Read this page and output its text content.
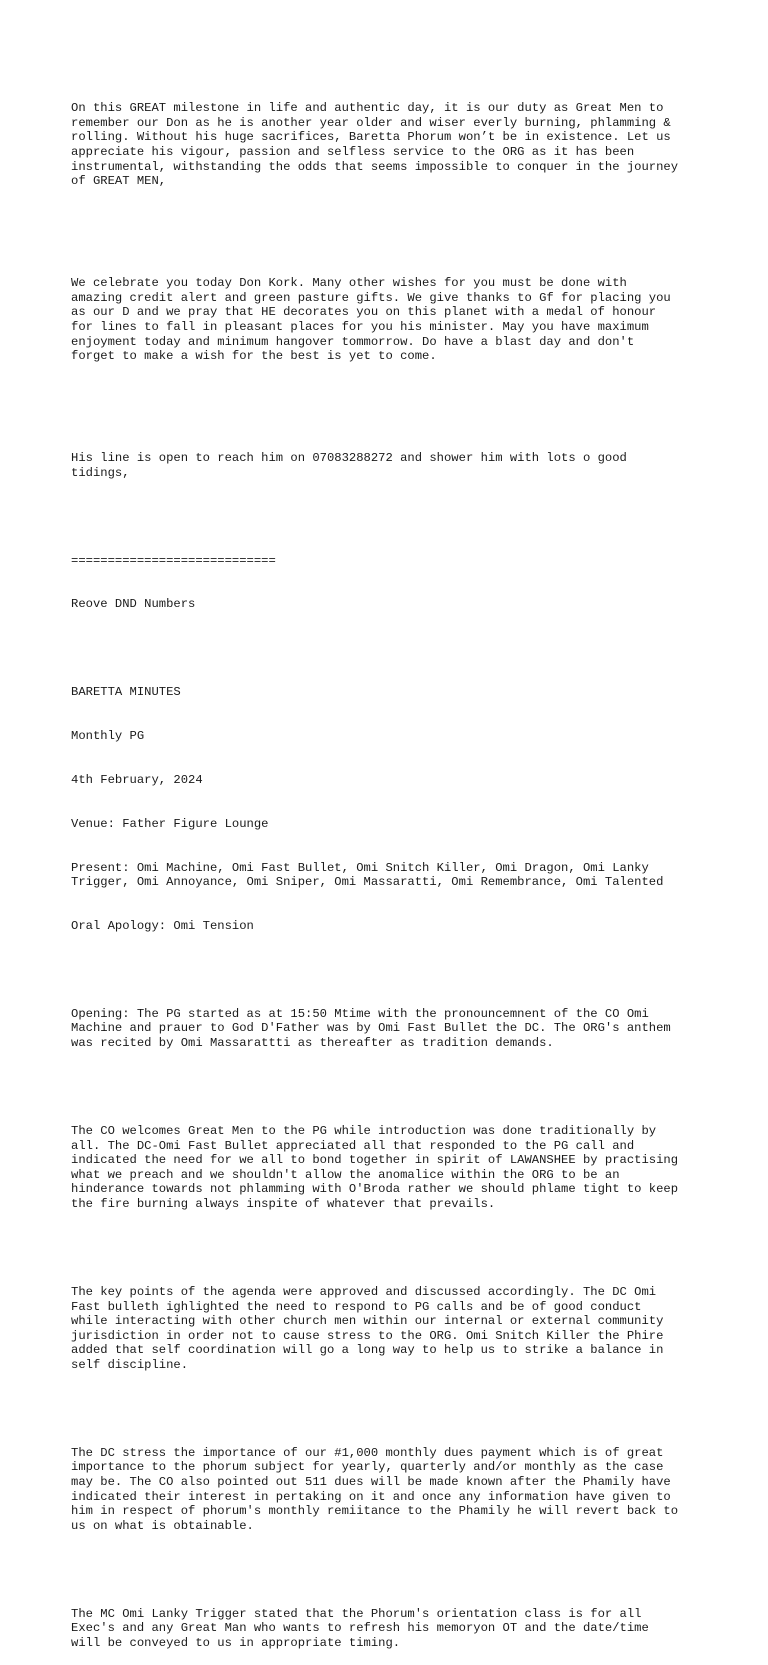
On this GREAT milestone in life and authentic day, it is our duty as Great Men to
remember our Don as he is another year older and wiser everly burning, phlamming &
rolling. Without his huge sacrifices, Baretta Phorum won’t be in existence. Let us
appreciate his vigour, passion and selfless service to the ORG as it has been
instrumental, withstanding the odds that seems impossible to conquer in the journey
of GREAT MEN,

We celebrate you today Don Kork. Many other wishes for you must be done with
amazing credit alert and green pasture gifts. We give thanks to Gf for placing you
as our D and we pray that HE decorates you on this planet with a medal of honour
for lines to fall in pleasant places for you his minister. May you have maximum
enjoyment today and minimum hangover tommorrow. Do have a blast day and don't
forget to make a wish for the best is yet to come.

His line is open to reach him on 07083288272 and shower him with lots o good
tidings,

============================

Reove DND Numbers

BARETTA MINUTES

Monthly PG

4th February, 2024

Venue: Father Figure Lounge

Present: Omi Machine, Omi Fast Bullet, Omi Snitch Killer, Omi Dragon, Omi Lanky
Trigger, Omi Annoyance, Omi Sniper, Omi Massaratti, Omi Remembrance, Omi Talented

Oral Apology: Omi Tension

Opening: The PG started as at 15:50 Mtime with the pronouncemnent of the CO Omi
Machine and prauer to God D'Father was by Omi Fast Bullet the DC. The ORG's anthem
was recited by Omi Massarattti as thereafter as tradition demands.

The CO welcomes Great Men to the PG while introduction was done traditionally by
all. The DC-Omi Fast Bullet appreciated all that responded to the PG call and
indicated the need for we all to bond together in spirit of LAWANSHEE by practising
what we preach and we shouldn't allow the anomalice within the ORG to be an
hinderance towards not phlamming with O'Broda rather we should phlame tight to keep
the fire burning always inspite of whatever that prevails.

The key points of the agenda were approved and discussed accordingly. The DC Omi
Fast bulleth ighlighted the need to respond to PG calls and be of good conduct
while interacting with other church men within our internal or external community
jurisdiction in order not to cause stress to the ORG. Omi Snitch Killer the Phire
added that self coordination will go a long way to help us to strike a balance in
self discipline.

The DC stress the importance of our #1,000 monthly dues payment which is of great
importance to the phorum subject for yearly, quarterly and/or monthly as the case
may be. The CO also pointed out 511 dues will be made known after the Phamily have
indicated their interest in pertaking on it and once any information have given to
him in respect of phorum's monthly remiitance to the Phamily he will revert back to
us on what is obtainable.

The MC Omi Lanky Trigger stated that the Phorum's orientation class is for all
Exec's and any Great Man who wants to refresh his memoryon OT and the date/time
will be conveyed to us in appropriate timing.
